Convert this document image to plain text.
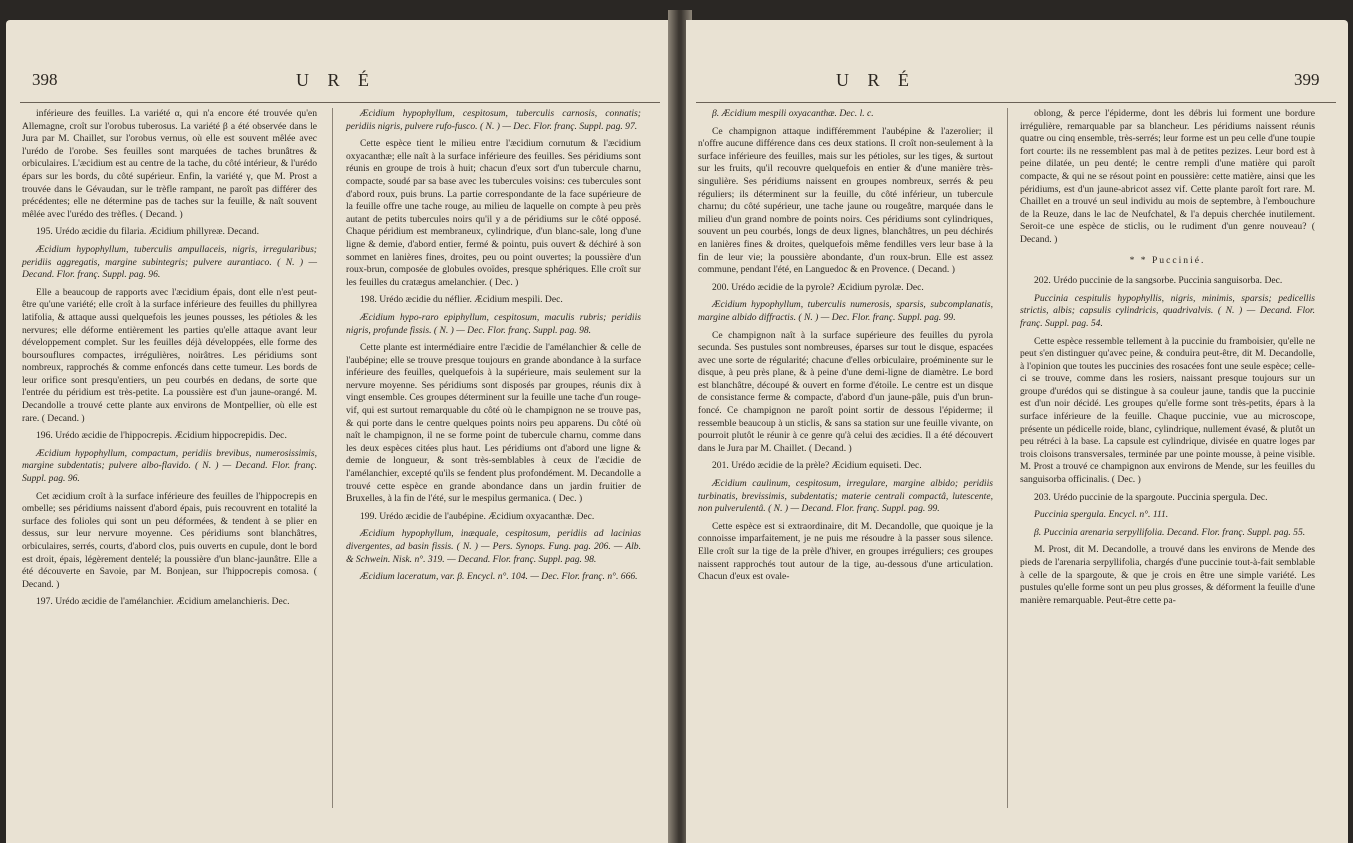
398	U R É

inférieure des feuilles. La variété α, qui n'a encore été trouvée qu'en Allemagne, croît sur l'orobus tuberosus. La variété β a été observée dans le Jura par M. Chaillet, sur l'orobus vernus, où elle est souvent mêlée avec l'urédo de l'orobe. Ses feuilles sont marquées de taches brunâtres & orbiculaires. L'æcidium est au centre de la tache, du côté intérieur, & l'urédo épars sur les bords, du côté supérieur. Enfin, la variété γ, que M. Prost a trouvée dans le Gévaudan, sur le trèfle rampant, ne paroît pas différer des précédentes; elle ne détermine pas de taches sur la feuille, & naît souvent mêlée avec l'urédo des trèfles. ( Decand. )

195. Urédo æcidie du filaria. Æcidium phillyreæ. Decand.

Æcidium hypophyllum, tuberculis ampullaceis, nigris, irregularibus; peridiis aggregatis, margine subintegris; pulvere aurantiaco. ( N. ) — Decand. Flor. franç. Suppl. pag. 96.

Elle a beaucoup de rapports avec l'æcidium épais, dont elle n'est peut-être qu'une variété; elle croît à la surface inférieure des feuilles du phillyrea latifolia, & attaque aussi quelquefois les jeunes pousses, les pétioles & les nervures; elle déforme entièrement les parties qu'elle attaque avant leur développement complet. Sur les feuilles déjà développées, elle forme des boursouflures compactes, irrégulières, noirâtres. Les péridiums sont nombreux, rapprochés & comme enfoncés dans cette tumeur. Les bords de leur orifice sont presqu'entiers, un peu courbés en dedans, de sorte que l'entrée du péridium est très-petite. La poussière est d'un jaune-orangé. M. Decandolle a trouvé cette plante aux environs de Montpellier, où elle est rare. ( Decand. )

196. Urédo æcidie de l'hippocrepis. Æcidium hippocrepidis. Dec.

Æcidium hypophyllum, compactum, peridiis brevibus, numerosissimis, margine subdentatis; pulvere albo-flavido. ( N. ) — Decand. Flor. franç. Suppl. pag. 96.

Cet æcidium croît à la surface inférieure des feuilles de l'hippocrepis en ombelle; ses péridiums naissent d'abord épais, puis recouvrent en totalité la surface des folioles qui sont un peu déformées, & tendent à se plier en dessus, sur leur nervure moyenne. Ces péridiums sont blanchâtres, orbiculaires, serrés, courts, d'abord clos, puis ouverts en cupule, dont le bord est droit, épais, légèrement dentelé; la poussière d'un blanc-jaunâtre. Elle a été découverte en Savoie, par M. Bonjean, sur l'hippocrepis comosa. ( Decand. )

197. Urédo æcidie de l'amélanchier. Æcidium amelanchieris. Dec.

Æcidium hypophyllum, cespitosum, tuberculis carnosis, connatis; peridiis nigris, pulvere rufo-fusco. ( N. ) — Dec. Flor. franç. Suppl. pag. 97.

Cette espèce tient le milieu entre l'æcidium cornutum & l'æcidium oxyacanthæ; elle naît à la surface inférieure des feuilles. Ses péridiums sont réunis en groupe de trois à huit; chacun d'eux sort d'un tubercule charnu, compacte, soudé par sa base avec les tubercules voisins: ces tubercules sont d'abord roux, puis bruns. La partie correspondante de la face supérieure de la feuille offre une tache rouge, au milieu de laquelle on compte à peu près autant de petits tubercules noirs qu'il y a de péridiums sur le côté opposé. Chaque péridium est membraneux, cylindrique, d'un blanc-sale, long d'une ligne & demie, d'abord entier, fermé & pointu, puis ouvert & déchiré à son sommet en lanières fines, droites, peu ou point ouvertes; la poussière d'un roux-brun, composée de globules ovoïdes, presque sphériques. Elle croît sur les feuilles du cratægus amelanchier. ( Dec. )

198. Urédo æcidie du néflier. Æcidium mespili. Dec.

Æcidium hypo-raro epiphyllum, cespitosum, maculis rubris; peridiis nigris, profunde fissis. ( N. ) — Dec. Flor. franç. Suppl. pag. 98.

Cette plante est intermédiaire entre l'æcidie de l'amélanchier & celle de l'aubépine; elle se trouve presque toujours en grande abondance à la surface inférieure des feuilles, quelquefois à la supérieure, mais seulement sur la nervure moyenne. Ses péridiums sont disposés par groupes, réunis dix à vingt ensemble. Ces groupes déterminent sur la feuille une tache d'un rouge-vif, qui est surtout remarquable du côté où le champignon ne se trouve pas, & qui porte dans le centre quelques points noirs peu apparens. Du côté où naît le champignon, il ne se forme point de tubercule charnu, comme dans les deux espèces citées plus haut. Les péridiums ont d'abord une ligne & demie de longueur, & sont très-semblables à ceux de l'æcidie de l'amélanchier, excepté qu'ils se fendent plus profondément. M. Decandolle a trouvé cette espèce en grande abondance dans un jardin fruitier de Bruxelles, à la fin de l'été, sur le mespilus germanica. ( Dec. )

199. Urédo æcidie de l'aubépine. Æcidium oxyacanthæ. Dec.

Æcidium hypophyllum, inæquale, cespitosum, peridiis ad lacinias divergentes, ad basin fissis. ( N. ) — Pers. Synops. Fung. pag. 206. — Alb. & Schwein. Nisk. n°. 319. — Decand. Flor. franç. Suppl. pag. 98.

Æcidium laceratum, var. β. Encycl. n°. 104. — Dec. Flor. franç. n°. 666.

U R É	399

β. Æcidium mespili oxyacanthæ. Dec. l. c.

Ce champignon attaque indifféremment l'aubépine & l'azerolier; il n'offre aucune différence dans ces deux stations. Il croît non-seulement à la surface inférieure des feuilles, mais sur les pétioles, sur les tiges, & surtout sur les fruits, qu'il recouvre quelquefois en entier & d'une manière très-singulière. Ses péridiums naissent en groupes nombreux, serrés & peu réguliers; ils déterminent sur la feuille, du côté inférieur, un tubercule charnu; du côté supérieur, une tache jaune ou rougeâtre, marquée dans le milieu d'un grand nombre de points noirs. Ces péridiums sont cylindriques, souvent un peu courbés, longs de deux lignes, blanchâtres, un peu déchirés en lanières fines & droites, quelquefois même fendilles vers leur base à la fin de leur vie; la poussière abondante, d'un roux-brun. Elle est assez commune, pendant l'été, en Languedoc & en Provence. ( Decand. )

200. Urédo æcidie de la pyrole? Æcidium pyrolæ. Dec.

Æcidium hypophyllum, tuberculis numerosis, sparsis, subcomplanatis, margine albido diffractis. ( N. ) — Dec. Flor. franç. Suppl. pag. 99.

Ce champignon naît à la surface supérieure des feuilles du pyrola secunda. Ses pustules sont nombreuses, éparses sur tout le disque, espacées avec une sorte de régularité; chacune d'elles orbiculaire, proéminente sur le disque, à peu près plane, & à peine d'une demi-ligne de diamètre. Le bord est blanchâtre, découpé & ouvert en forme d'étoile. Le centre est un disque de consistance ferme & compacte, d'abord d'un jaune-pâle, puis d'un brun-foncé. Ce champignon ne paroît point sortir de dessous l'épiderme; il ressemble beaucoup à un sticlis, & sans sa station sur une feuille vivante, on pourroit plutôt le réunir à ce genre qu'à celui des æcidies. Il a été découvert dans le Jura par M. Chaillet. ( Decand. )

201. Urédo æcidie de la prèle? Æcidium equiseti. Dec.

Æcidium caulinum, cespitosum, irregulare, margine albido; peridiis turbinatis, brevissimis, subdentatis; materie centrali compactâ, lutescente, non pulverulentâ. ( N. ) — Decand. Flor. franç. Suppl. pag. 99.

Cette espèce est si extraordinaire, dit M. Decandolle, que quoique je la connoisse imparfaitement, je ne puis me résoudre à la passer sous silence. Elle croît sur la tige de la prèle d'hiver, en groupes irréguliers; ces groupes naissent rapprochés tout autour de la tige, au-dessous d'une articulation. Chacun d'eux est ovale-

oblong, & perce l'épiderme, dont les débris lui forment une bordure irrégulière, remarquable par sa blancheur. Les péridiums naissent réunis quatre ou cinq ensemble, très-serrés; leur forme est un peu celle d'une toupie fort courte: ils ne ressemblent pas mal à de petites pezizes. Leur bord est à peine dilatée, un peu denté; le centre rempli d'une matière qui paroît compacte, & qui ne se résout point en poussière: cette matière, ainsi que les péridiums, est d'un jaune-abricot assez vif. Cette plante paroît fort rare. M. Chaillet en a trouvé un seul individu au mois de septembre, à l'embouchure de la Reuze, dans le lac de Neufchatel, & l'a depuis cherchée inutilement. Seroit-ce une espèce de sticlis, ou le rudiment d'un genre nouveau? ( Decand. )

* * Puccinié.

202. Urédo puccinie de la sangsorbe. Puccinia sanguisorba. Dec.

Puccinia cespitulis hypophyllis, nigris, minimis, sparsis; pedicellis strictis, albis; capsulis cylindricis, quadrivalvis. ( N. ) — Decand. Flor. franç. Suppl. pag. 54.

Cette espèce ressemble tellement à la puccinie du framboisier, qu'elle ne peut s'en distinguer qu'avec peine, & conduira peut-être, dit M. Decandolle, à l'opinion que toutes les puccinies des rosacées font une seule espèce; celle-ci se trouve, comme dans les rosiers, naissant presque toujours sur un groupe d'urédos qui se distingue à sa couleur jaune, tandis que la puccinie est d'un noir décidé. Les groupes qu'elle forme sont très-petits, épars à la surface inférieure de la feuille. Chaque puccinie, vue au microscope, présente un pédicelle roide, blanc, cylindrique, nullement évasé, & plutôt un peu rétréci à la base. La capsule est cylindrique, divisée en quatre loges par trois cloisons transversales, terminée par une pointe mousse, à peine visible. M. Prost a trouvé ce champignon aux environs de Mende, sur les feuilles du sanguisorba officinalis. ( Dec. )

203. Urédo puccinie de la spargoute. Puccinia spergula. Dec.

Puccinia spergula. Encycl. n°. 111.

β. Puccinia arenaria serpyllifolia. Decand. Flor. franç. Suppl. pag. 55.

M. Prost, dit M. Decandolle, a trouvé dans les environs de Mende des pieds de l'arenaria serpyllifolia, chargés d'une puccinie tout-à-fait semblable à celle de la spargoute, & que je crois en être une simple variété. Les pustules qu'elle forme sont un peu plus grosses, & déforment la feuille d'une manière remarquable. Peut-être cette pa-
